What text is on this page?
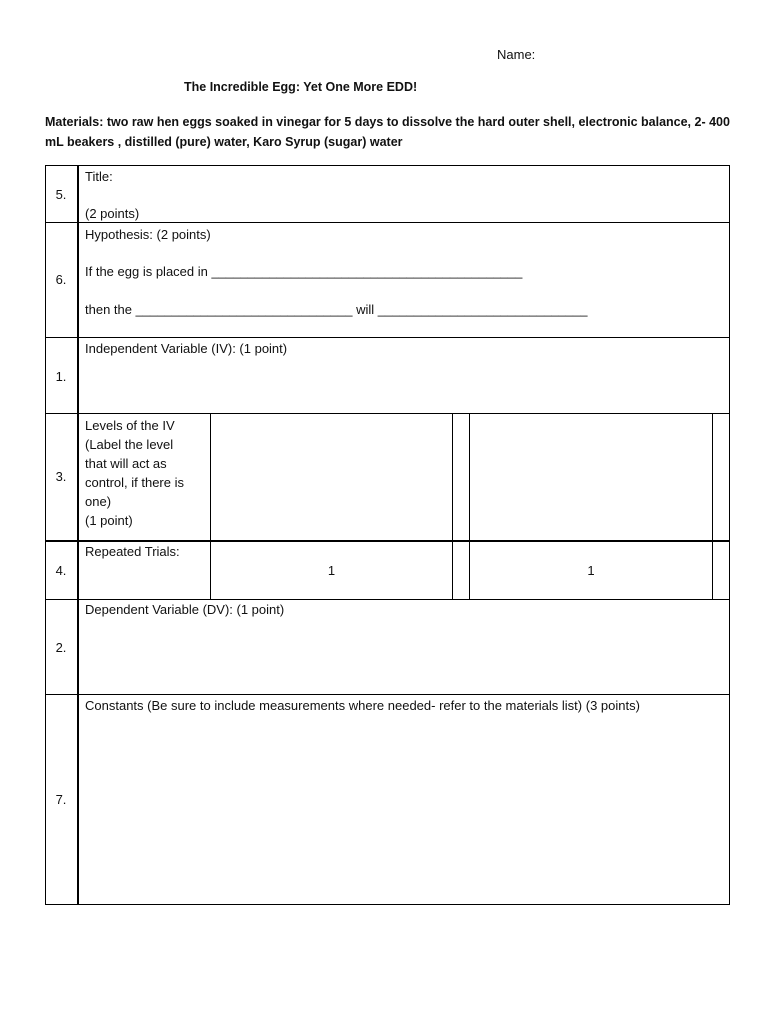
Name:
The Incredible Egg: Yet One More EDD!
Materials: two raw hen eggs soaked in vinegar for 5 days to dissolve the hard outer shell, electronic balance, 2- 400 mL beakers , distilled (pure) water, Karo Syrup (sugar) water
5.
Title:
(2 points)
6.
Hypothesis: (2 points)
If the egg is placed in ___________________________________________
then the ______________________________ will _____________________________
1.
Independent Variable (IV): (1 point)
3.
Levels of the IV
(Label the level
that will act as
control, if there is
one)
(1 point)
4.
Repeated Trials:
1	1
2.
Dependent Variable (DV): (1 point)
7.
Constants (Be sure to include measurements where needed- refer to the materials list) (3 points)
